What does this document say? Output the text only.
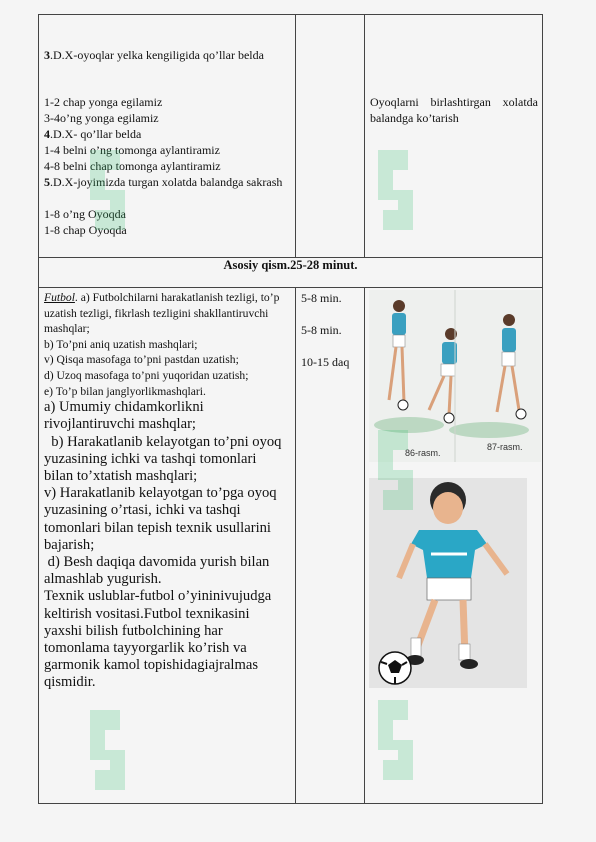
3.D.X-oyoqlar yelka kengiligida qo’llar belda
1-2 chap yonga egilamiz
3-4o’ng yonga egilamiz
4.D.X- qo’llar belda
1-4 belni o’ng tomonga aylantiramiz
4-8 belni chap tomonga aylantiramiz
5.D.X-joyimizda turgan xolatda balandga sakrash
1-8 o’ng Oyoqda
1-8 chap Oyoqda
Oyoqlarni birlashtirgan xolatda balandga ko’tarish
Asosiy qism.25-28 minut.
Futbol. a) Futbolchilarni harakatlanish tezligi, to’p uzatish tezligi, fikrlash tezligini shakllantiruvchi mashqlar;
b) To’pni aniq uzatish mashqlari;
v) Qisqa masofaga to’pni pastdan uzatish;
d) Uzoq masofaga to’pni yuqoridan uzatish;
e) To’p bilan janglyorlikmashqlari.
a) Umumiy chidamkorlikni rivojlantiruvchi mashqlar;
b) Harakatlanib kelayotgan to’pni oyoq yuzasining ichki va tashqi tomonlari bilan to’xtatish mashqlari;
v) Harakatlanib kelayotgan to’pga oyoq yuzasining o’rtasi, ichki va tashqi tomonlari bilan tepish texnik usullarini bajarish;
d) Besh daqiqa davomida yurish bilan almashlab yugurish.
Texnik uslublar-futbol o’yininivujudga keltirish vositasi.Futbol texnikasini yaxshi bilish futbolchining har tomonlama tayyorgarlik ko’rish va garmonik kamol topishidagiajralmas qismidir.
5-8 min.
5-8 min.
10-15 daq
86-rasm.
87-rasm.
